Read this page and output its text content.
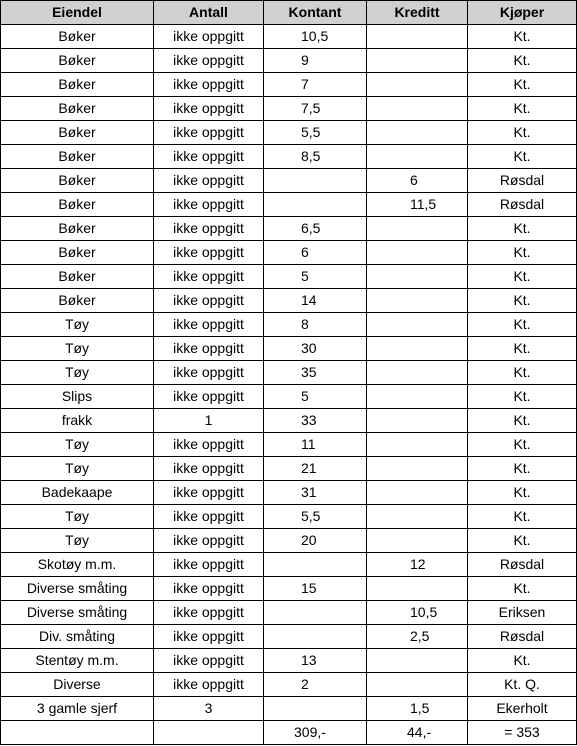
Eiendel	Antall	Kontant	Kreditt	Kjøper
Bøker	ikke oppgitt	10,5		Kt.
Bøker	ikke oppgitt	9		Kt.
Bøker	ikke oppgitt	7		Kt.
Bøker	ikke oppgitt	7,5		Kt.
Bøker	ikke oppgitt	5,5		Kt.
Bøker	ikke oppgitt	8,5		Kt.
Bøker	ikke oppgitt		6	Røsdal
Bøker	ikke oppgitt		11,5	Røsdal
Bøker	ikke oppgitt	6,5		Kt.
Bøker	ikke oppgitt	6		Kt.
Bøker	ikke oppgitt	5		Kt.
Bøker	ikke oppgitt	14		Kt.
Tøy	ikke oppgitt	8		Kt.
Tøy	ikke oppgitt	30		Kt.
Tøy	ikke oppgitt	35		Kt.
Slips	ikke oppgitt	5		Kt.
frakk	1	33		Kt.
Tøy	ikke oppgitt	11		Kt.
Tøy	ikke oppgitt	21		Kt.
Badekaape	ikke oppgitt	31		Kt.
Tøy	ikke oppgitt	5,5		Kt.
Tøy	ikke oppgitt	20		Kt.
Skotøy m.m.	ikke oppgitt		12	Røsdal
Diverse småting	ikke oppgitt	15		Kt.
Diverse småting	ikke oppgitt		10,5	Eriksen
Div. småting	ikke oppgitt		2,5	Røsdal
Stentøy m.m.	ikke oppgitt	13		Kt.
Diverse	ikke oppgitt	2		Kt. Q.
3 gamle sjerf	3		1,5	Ekerholt
		309,-	44,-	= 353
